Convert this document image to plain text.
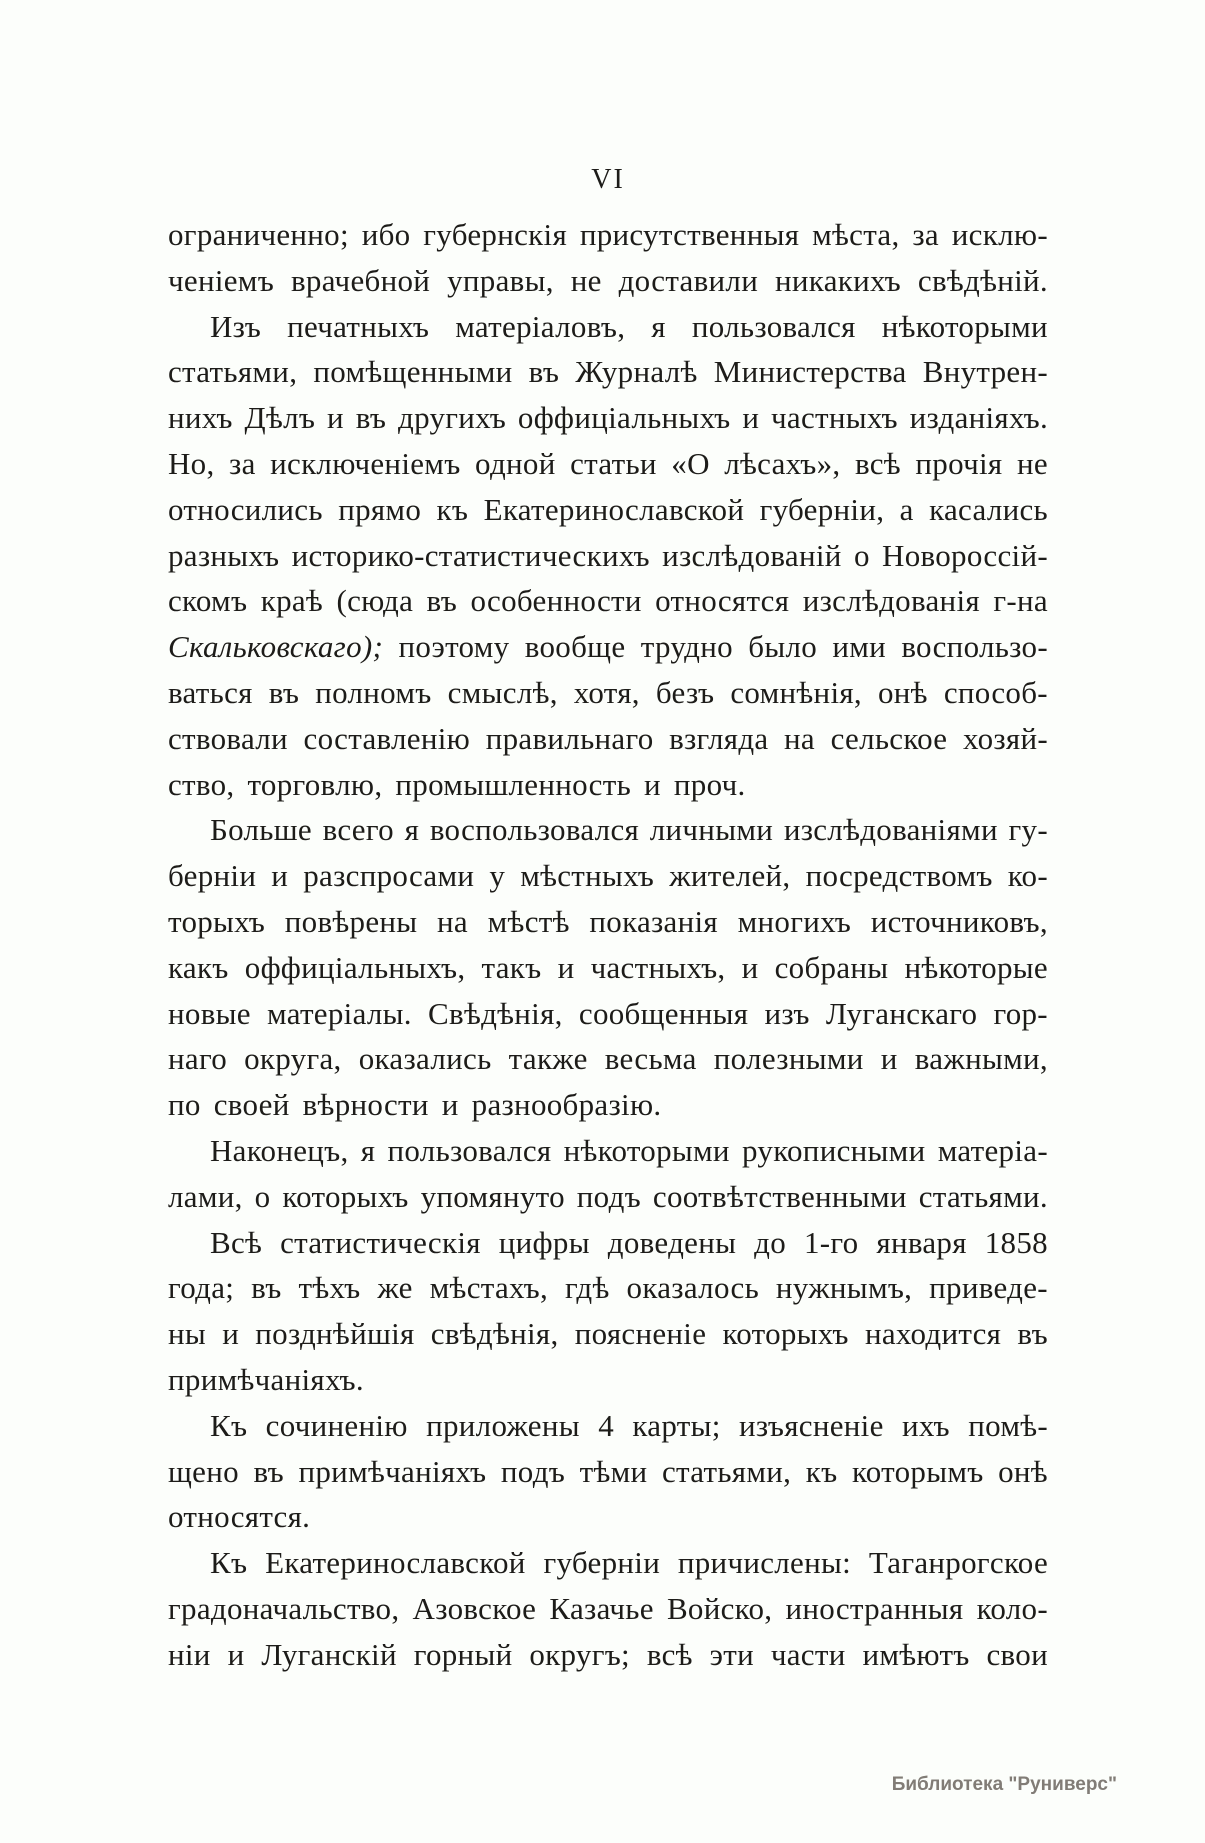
VI
ограниченно; ибо губернскія присутственныя мѣста, за исклю-
ченіемъ врачебной управы, не доставили никакихъ свѣдѣній.
Изъ печатныхъ матеріаловъ, я пользовался нѣкоторыми
статьями, помѣщенными въ Журналѣ Министерства Внутрен-
нихъ Дѣлъ и въ другихъ оффиціальныхъ и частныхъ изданіяхъ.
Но, за исключеніемъ одной статьи «О лѣсахъ», всѣ прочія не
относились прямо къ Екатеринославской губерніи, а касались
разныхъ историко-статистическихъ изслѣдованій о Новороссій-
скомъ краѣ (сюда въ особенности относятся изслѣдованія г-на
Скальковскаго); поэтому вообще трудно было ими воспользо-
ваться въ полномъ смыслѣ, хотя, безъ сомнѣнія, онѣ способ-
ствовали составленію правильнаго взгляда на сельское хозяй-
ство, торговлю, промышленность и проч.
Больше всего я воспользовался личными изслѣдованіями гу-
берніи и разспросами у мѣстныхъ жителей, посредствомъ ко-
торыхъ повѣрены на мѣстѣ показанія многихъ источниковъ,
какъ оффиціальныхъ, такъ и частныхъ, и собраны нѣкоторые
новые матеріалы. Свѣдѣнія, сообщенныя изъ Луганскаго гор-
наго округа, оказались также весьма полезными и важными,
по своей вѣрности и разнообразію.
Наконецъ, я пользовался нѣкоторыми рукописными матеріа-
лами, о которыхъ упомянуто подъ соотвѣтственными статьями.
Всѣ статистическія цифры доведены до 1-го января 1858
года; въ тѣхъ же мѣстахъ, гдѣ оказалось нужнымъ, приведе-
ны и позднѣйшія свѣдѣнія, поясненіе которыхъ находится въ
примѣчаніяхъ.
Къ сочиненію приложены 4 карты; изъясненіе ихъ помѣ-
щено въ примѣчаніяхъ подъ тѣми статьями, къ которымъ онѣ
относятся.
Къ Екатеринославской губерніи причислены: Таганрогское
градоначальство, Азовское Казачье Войско, иностранныя коло-
ніи и Луганскій горный округъ; всѣ эти части имѣютъ свои
Библиотека "Руниверс"
